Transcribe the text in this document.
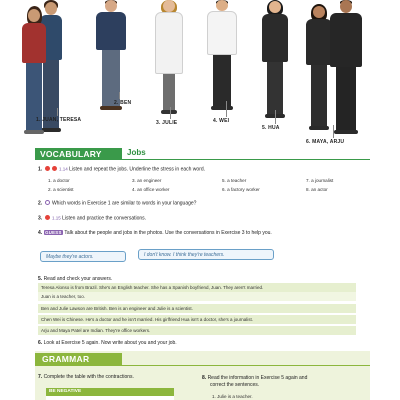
1. JUAN, TERESA
2. BEN
3. JULIE	4. WEI
5. HUA
6. MAYA, ARJU
VOCABULARY	Jobs
1.	1.14 Listen and repeat the jobs. Underline the stress in each word.
1. a doctor	3. an engineer	5. a teacher	7. a journalist
2. a scientist	4. an office worker	6. a factory worker	8. an actor
2. Which words in Exercise 1 are similar to words in your language?
3. 1.15 Listen and practice the conversations.
4. GUESS Talk about the people and jobs in the photos. Use the conversations in Exercise 3 to help you.
Maybe they're actors.	I don't know. I think they're teachers.
5. Read and check your answers.
Teresa Alonso is from Brazil. She's an English teacher. She has a Spanish boyfriend, Juan. They aren't married.
Juan is a teacher, too.
Ben and Julie Lawson are British. Ben is an engineer and Julie is a scientist.
Chen Wei is Chinese. He's a doctor and he isn't married. His girlfriend Hua isn't a doctor, she's a journalist.
Arju and Maya Patel are Indian. They're office workers.
6. Look at Exercise 5 again. Now write about you and your job.
GRAMMAR
7. Complete the table with the contractions.
BE NEGATIVE
8. Read the information in Exercise 5 again and
correct the sentences.
1. Julie is a teacher.
